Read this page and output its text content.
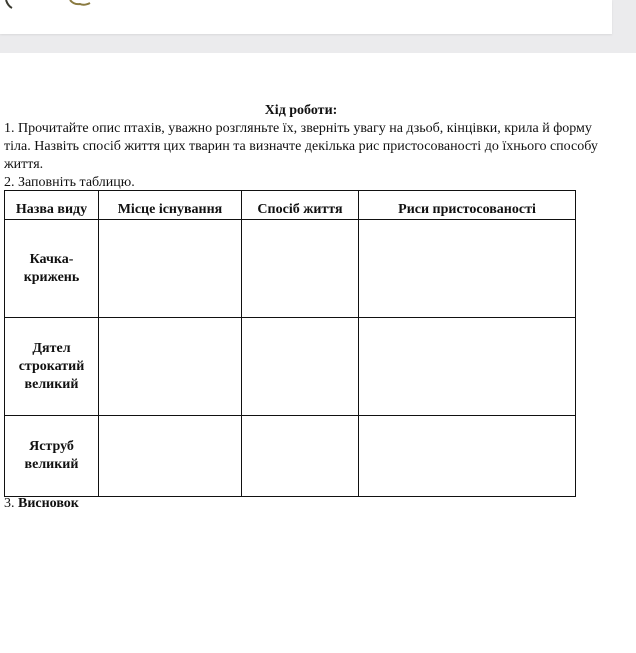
Хід роботи:

1. Прочитайте опис птахів, уважно розгляньте їх, зверніть увагу на дзьоб, кінцівки, крила й форму тіла. Назвіть спосіб життя цих тварин та визначте декілька рис пристосованості до їхнього способу життя.

2. Заповніть таблицю.

Назва виду	Місце існування	Спосіб життя	Риси пристосованості

Качка-
крижень			

Дятел
строкатий
великий			

Яструб
великий			

3. Висновок
